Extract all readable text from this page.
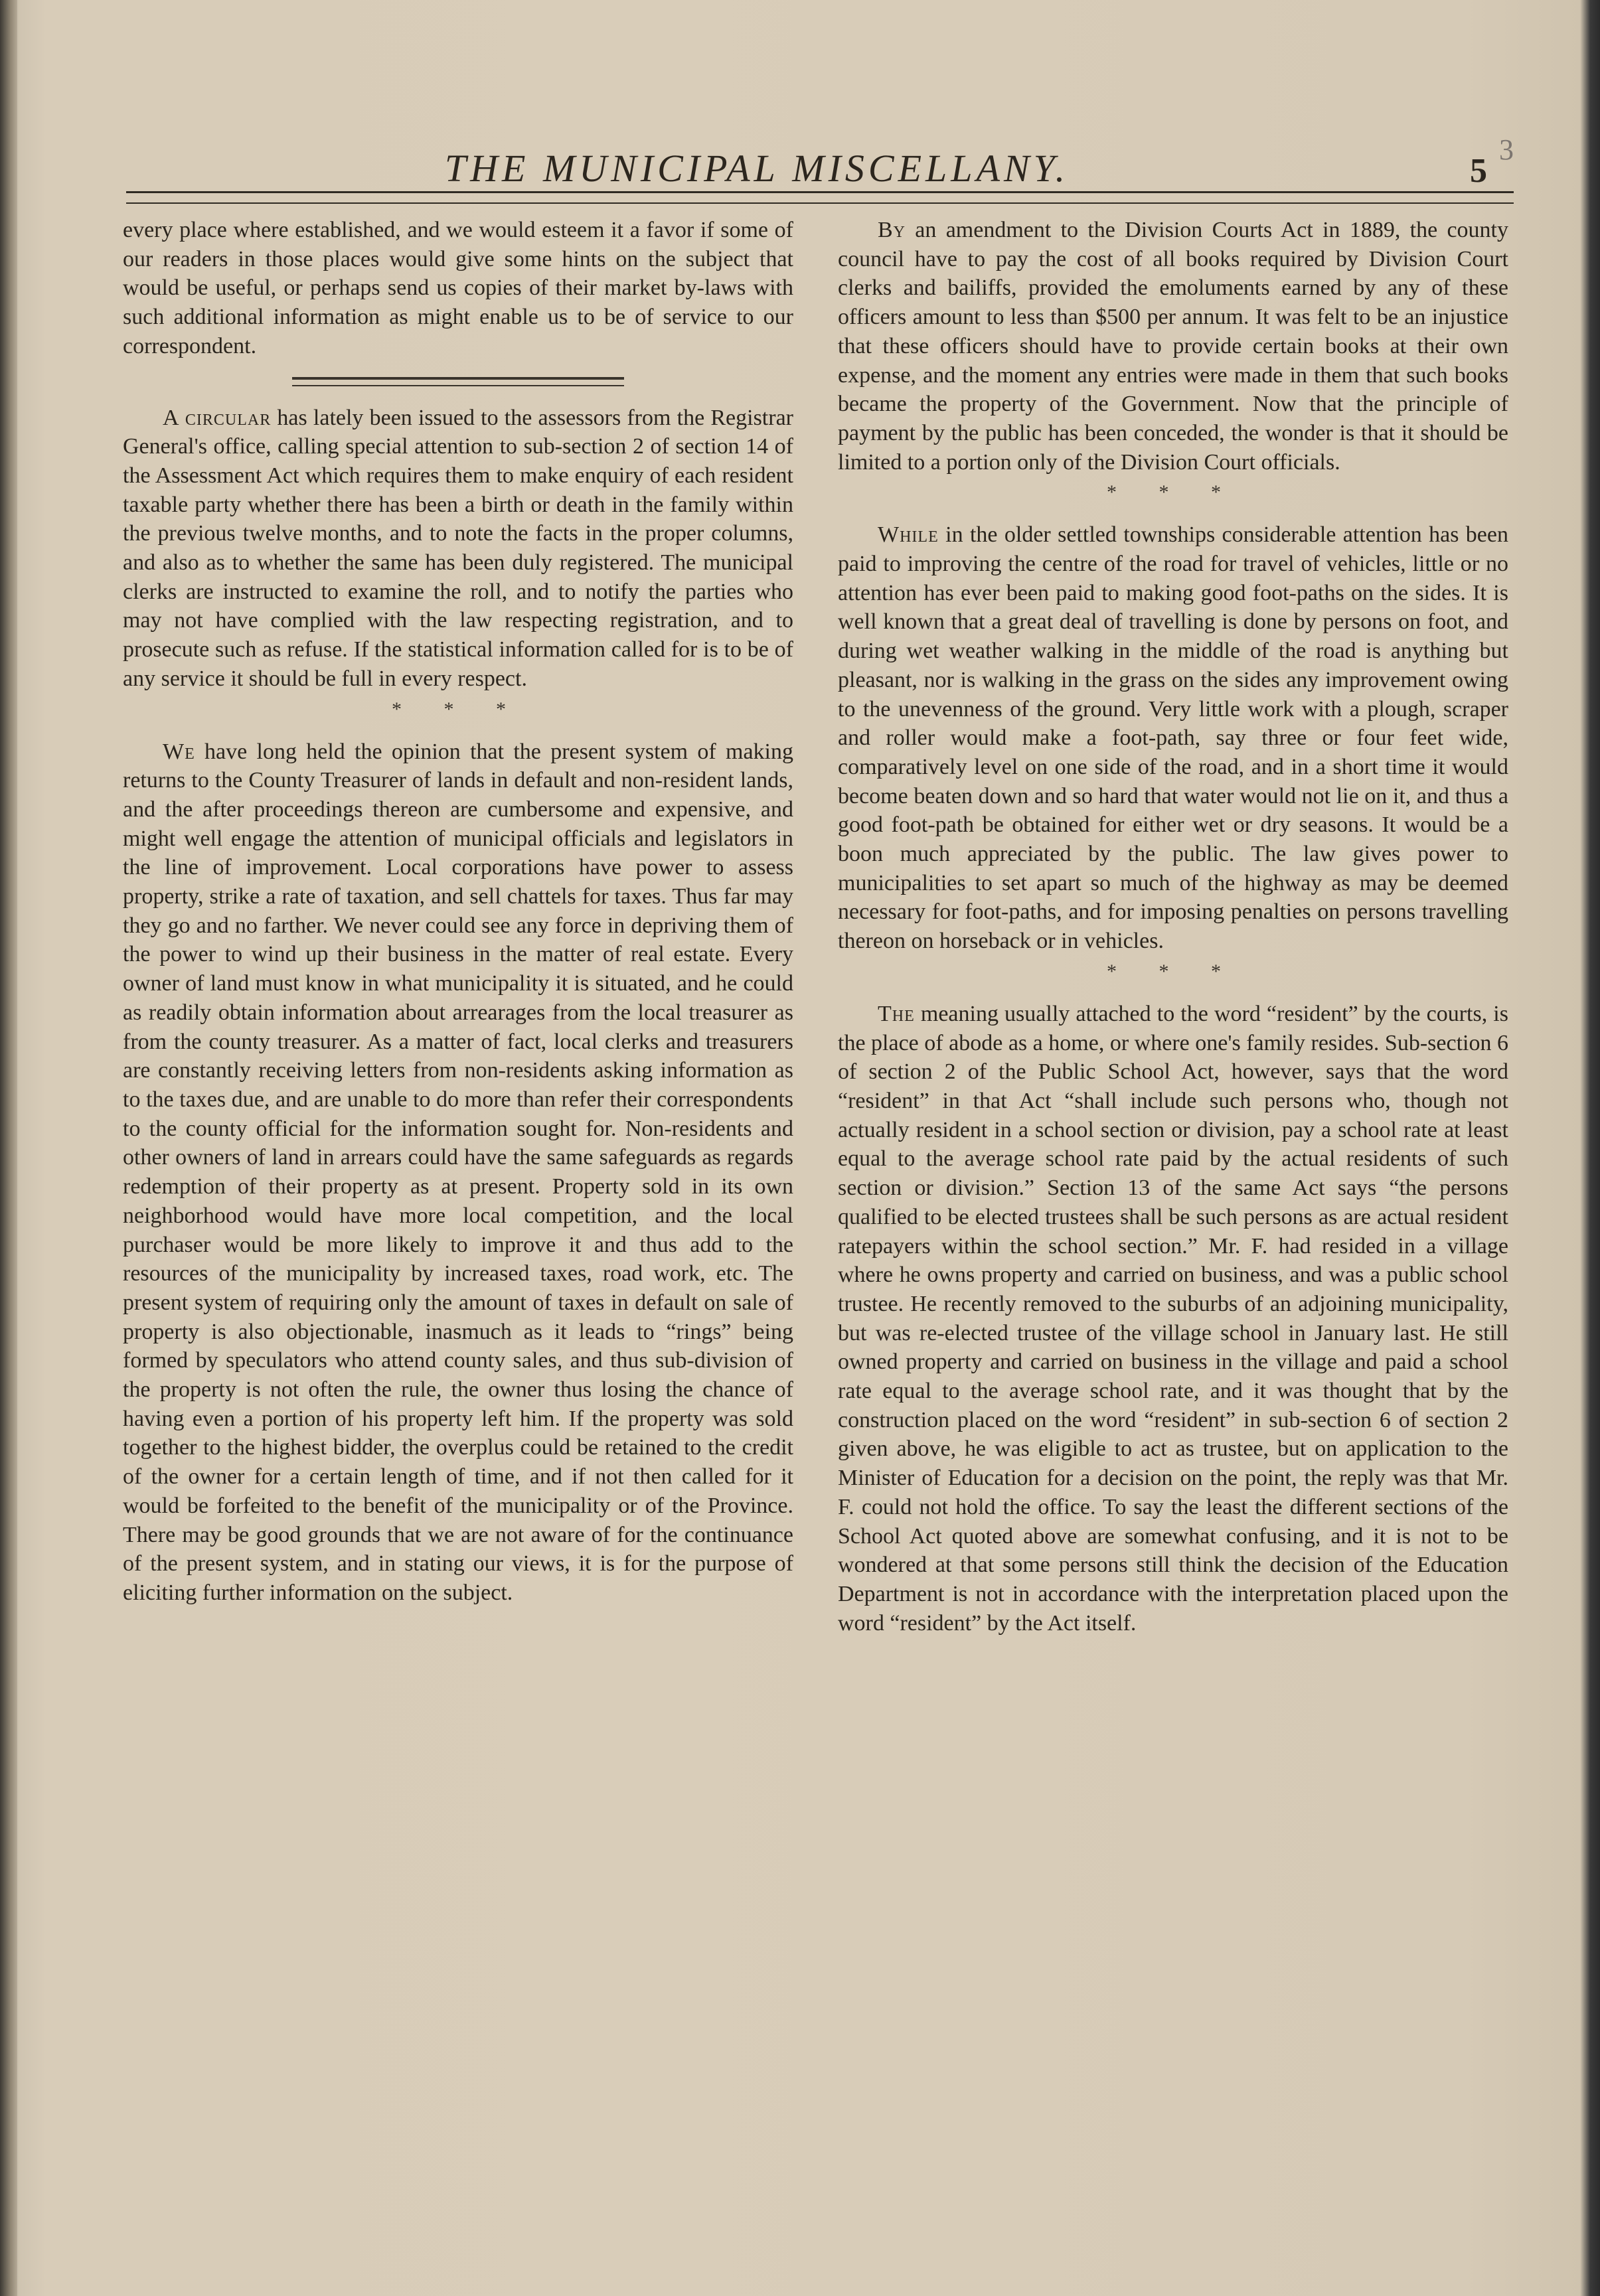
THE MUNICIPAL MISCELLANY.	5
3

every place where established, and we would esteem it a favor if some of our readers in those places would give some hints on the subject that would be useful, or perhaps send us copies of their market by-laws with such additional information as might enable us to be of service to our correspondent.

A circular has lately been issued to the assessors from the Registrar General's office, calling special attention to sub-section 2 of section 14 of the Assessment Act which requires them to make enquiry of each resident taxable party whether there has been a birth or death in the family within the previous twelve months, and to note the facts in the proper columns, and also as to whether the same has been duly registered. The municipal clerks are instructed to examine the roll, and to notify the parties who may not have complied with the law respecting registration, and to prosecute such as refuse. If the statistical information called for is to be of any service it should be full in every respect.

* * *

We have long held the opinion that the present system of making returns to the County Treasurer of lands in default and non-resident lands, and the after proceedings thereon are cumbersome and expensive, and might well engage the attention of municipal officials and legislators in the line of improvement. Local corporations have power to assess property, strike a rate of taxation, and sell chattels for taxes. Thus far may they go and no farther. We never could see any force in depriving them of the power to wind up their business in the matter of real estate. Every owner of land must know in what municipality it is situated, and he could as readily obtain information about arrearages from the local treasurer as from the county treasurer. As a matter of fact, local clerks and treasurers are constantly receiving letters from non-residents asking information as to the taxes due, and are unable to do more than refer their correspondents to the county official for the information sought for. Non-residents and other owners of land in arrears could have the same safeguards as regards redemption of their property as at present. Property sold in its own neighborhood would have more local competition, and the local purchaser would be more likely to improve it and thus add to the resources of the municipality by increased taxes, road work, etc. The present system of requiring only the amount of taxes in default on sale of property is also objectionable, inasmuch as it leads to “rings” being formed by speculators who attend county sales, and thus sub-division of the property is not often the rule, the owner thus losing the chance of having even a portion of his property left him. If the property was sold together to the highest bidder, the overplus could be retained to the credit of the owner for a certain length of time, and if not then called for it would be forfeited to the benefit of the municipality or of the Province. There may be good grounds that we are not aware of for the continuance of the present system, and in stating our views, it is for the purpose of eliciting further information on the subject.

By an amendment to the Division Courts Act in 1889, the county council have to pay the cost of all books required by Division Court clerks and bailiffs, provided the emoluments earned by any of these officers amount to less than $500 per annum. It was felt to be an injustice that these officers should have to provide certain books at their own expense, and the moment any entries were made in them that such books became the property of the Government. Now that the principle of payment by the public has been conceded, the wonder is that it should be limited to a portion only of the Division Court officials.

* * *

While in the older settled townships considerable attention has been paid to improving the centre of the road for travel of vehicles, little or no attention has ever been paid to making good foot-paths on the sides. It is well known that a great deal of travelling is done by persons on foot, and during wet weather walking in the middle of the road is anything but pleasant, nor is walking in the grass on the sides any improvement owing to the unevenness of the ground. Very little work with a plough, scraper and roller would make a foot-path, say three or four feet wide, comparatively level on one side of the road, and in a short time it would become beaten down and so hard that water would not lie on it, and thus a good foot-path be obtained for either wet or dry seasons. It would be a boon much appreciated by the public. The law gives power to municipalities to set apart so much of the highway as may be deemed necessary for foot-paths, and for imposing penalties on persons travelling thereon on horseback or in vehicles.

* * *

The meaning usually attached to the word “resident” by the courts, is the place of abode as a home, or where one's family resides. Sub-section 6 of section 2 of the Public School Act, however, says that the word “resident” in that Act “shall include such persons who, though not actually resident in a school section or division, pay a school rate at least equal to the average school rate paid by the actual residents of such section or division.” Section 13 of the same Act says “the persons qualified to be elected trustees shall be such persons as are actual resident ratepayers within the school section.” Mr. F. had resided in a village where he owns property and carried on business, and was a public school trustee. He recently removed to the suburbs of an adjoining municipality, but was re-elected trustee of the village school in January last. He still owned property and carried on business in the village and paid a school rate equal to the average school rate, and it was thought that by the construction placed on the word “resident” in sub-section 6 of section 2 given above, he was eligible to act as trustee, but on application to the Minister of Education for a decision on the point, the reply was that Mr. F. could not hold the office. To say the least the different sections of the School Act quoted above are somewhat confusing, and it is not to be wondered at that some persons still think the decision of the Education Department is not in accordance with the interpretation placed upon the word “resident” by the Act itself.
